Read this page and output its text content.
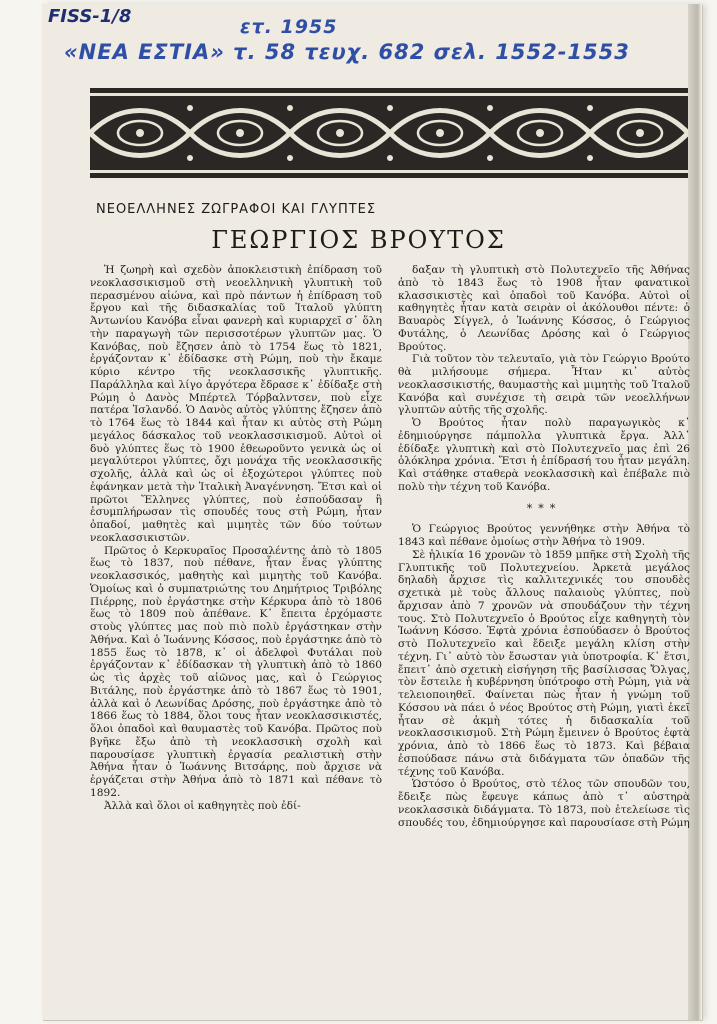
FISS-1/8	ετ. 1955
«ΝΕΑ ΕΣΤΙΑ» τ. 58 τευχ. 682 σελ. 1552-1553
ΝΕΟΕΛΛΗΝΕΣ ΖΩΓΡΑΦΟΙ ΚΑΙ ΓΛΥΠΤΕΣ
ΓΕΩΡΓΙΟΣ ΒΡΟΥΤΟΣ

Ἡ ζωηρὴ καὶ σχεδὸν ἀποκλειστικὴ ἐπίδραση τοῦ νεοκλασσικισμοῦ στὴ νεοελληνικὴ γλυπτικὴ τοῦ περασμένου αἰώνα, καὶ πρὸ πάντων ἡ ἐπίδραση τοῦ ἔργου καὶ τῆς διδασκαλίας τοῦ Ἰταλοῦ γλύπτη Ἀντωνίου Κανόβα εἶναι φανερὴ καὶ κυριαρχεῖ σ᾽ ὅλη τὴν παραγωγὴ τῶν περισσοτέρων γλυπτῶν μας. Ὁ Κανόβας, ποὺ ἔζησεν ἀπὸ τὸ 1754 ἕως τὸ 1821, ἐργάζονταν κ᾽ ἐδίδασκε στὴ Ρώμη, ποὺ τὴν ἔκαμε κύριο κέντρο τῆς νεοκλασσικῆς γλυπτικῆς. Παράλληλα καὶ λίγο ἀργότερα ἔδρασε κ᾽ ἐδίδαξε στὴ Ρώμη ὁ Δανὸς Μπέρτελ Τόρβαλντσεν, ποὺ εἶχε πατέρα Ἰσλανδό. Ὁ Δανὸς αὐτὸς γλύπτης ἔζησεν ἀπὸ τὸ 1764 ἕως τὸ 1844 καὶ ἦταν κι αὐτὸς στὴ Ρώμη μεγάλος δάσκαλος τοῦ νεοκλασσικισμοῦ. Αὐτοὶ οἱ δυὸ γλύπτες ἕως τὸ 1900 ἐθεωροῦντο γενικὰ ὡς οἱ μεγαλύτεροι γλύπτες, ὄχι μονάχα τῆς νεοκλασσικῆς σχολῆς, ἀλλὰ καὶ ὡς οἱ ἐξοχώτεροι γλύπτες ποὺ ἐφάνηκαν μετὰ τὴν Ἰταλικὴ Ἀναγέννηση. Ἔτσι καὶ οἱ πρῶτοι Ἕλληνες γλύπτες, ποὺ ἐσπούδασαν ἢ ἐσυμπλήρωσαν τὶς σπουδές τους στὴ Ρώμη, ἦταν ὀπαδοί, μαθητὲς καὶ μιμητὲς τῶν δύο τούτων νεοκλασσικιστῶν.

Πρῶτος ὁ Κερκυραῖος Προσαλέντης ἀπὸ τὸ 1805 ἕως τὸ 1837, ποὺ πέθανε, ἦταν ἕνας γλύπτης νεοκλασσικός, μαθητὴς καὶ μιμητὴς τοῦ Κανόβα. Ὁμοίως καὶ ὁ συμπατριώτης του Δημήτριος Τριβόλης Πιέρρης, ποὺ ἐργάστηκε στὴν Κέρκυρα ἀπὸ τὸ 1806 ἕως τὸ 1809 ποὺ ἀπέθανε. Κ᾽ ἔπειτα ἐρχόμαστε στοὺς γλύπτες μας ποὺ πιὸ πολὺ ἐργάστηκαν στὴν Ἀθήνα. Καὶ ὁ Ἰωάννης Κόσσος, ποὺ ἐργάστηκε ἀπὸ τὸ 1855 ἕως τὸ 1878, κ᾽ οἱ ἀδελφοὶ Φυτάλαι ποὺ ἐργάζονταν κ᾽ ἐδίδασκαν τὴ γλυπτικὴ ἀπὸ τὸ 1860 ὡς τὶς ἀρχὲς τοῦ αἰῶνος μας, καὶ ὁ Γεώργιος Βιτάλης, ποὺ ἐργάστηκε ἀπὸ τὸ 1867 ἕως τὸ 1901, ἀλλὰ καὶ ὁ Λεωνίδας Δρόσης, ποὺ ἐργάστηκε ἀπὸ τὸ 1866 ἕως τὸ 1884, ὅλοι τους ἦταν νεοκλασσικιστές, ὅλοι ὀπαδοὶ καὶ θαυμαστὲς τοῦ Κανόβα. Πρῶτος ποὺ βγῆκε ἔξω ἀπὸ τὴ νεοκλασσικὴ σχολὴ καὶ παρουσίασε γλυπτικὴ ἐργασία ρεαλιστικὴ στὴν Ἀθήνα ἦταν ὁ Ἰωάννης Βιτσάρης, ποὺ ἄρχισε νὰ ἐργάζεται στὴν Ἀθήνα ἀπὸ τὸ 1871 καὶ πέθανε τὸ 1892.

Ἀλλὰ καὶ ὅλοι οἱ καθηγητὲς ποὺ ἐδί-

δαξαν τὴ γλυπτικὴ στὸ Πολυτεχνεῖο τῆς Ἀθήνας ἀπὸ τὸ 1843 ἕως τὸ 1908 ἦταν φανατικοὶ κλασσικιστὲς καὶ ὀπαδοὶ τοῦ Κανόβα. Αὐτοὶ οἱ καθηγητὲς ἦταν κατὰ σειρὰν οἱ ἀκόλουθοι πέντε: ὁ Βαυαρὸς Σίγγελ, ὁ Ἰωάννης Κόσσος, ὁ Γεώργιος Φυτάλης, ὁ Λεωνίδας Δρόσης καὶ ὁ Γεώργιος Βρούτος.

Γιὰ τοῦτον τὸν τελευταῖο, γιὰ τὸν Γεώργιο Βρούτο θὰ μιλήσουμε σήμερα. Ἦταν κι᾽ αὐτὸς νεοκλασσικιστής, θαυμαστὴς καὶ μιμητὴς τοῦ Ἰταλοῦ Κανόβα καὶ συνέχισε τὴ σειρὰ τῶν νεοελλήνων γλυπτῶν αὐτῆς τῆς σχολῆς.

Ὁ Βρούτος ἦταν πολὺ παραγωγικὸς κ᾽ ἐδημιούργησε πάμπολλα γλυπτικὰ ἔργα. Ἀλλ᾽ ἐδίδαξε γλυπτικὴ καὶ στὸ Πολυτεχνεῖο μας ἐπὶ 26 ὁλόκληρα χρόνια. Ἔτσι ἡ ἐπίδρασή του ἦταν μεγάλη. Καὶ στάθηκε σταθερὰ νεοκλασσικὴ καὶ ἐπέβαλε πιὸ πολὺ τὴν τέχνη τοῦ Κανόβα.

***

Ὁ Γεώργιος Βρούτος γεννήθηκε στὴν Ἀθήνα τὸ 1843 καὶ πέθανε ὁμοίως στὴν Ἀθήνα τὸ 1909.

Σὲ ἡλικία 16 χρονῶν τὸ 1859 μπῆκε στὴ Σχολὴ τῆς Γλυπτικῆς τοῦ Πολυτεχνείου. Ἀρκετὰ μεγάλος δηλαδὴ ἄρχισε τὶς καλλιτεχνικές του σπουδὲς σχετικὰ μὲ τοὺς ἄλλους παλαιοὺς γλύπτες, ποὺ ἄρχισαν ἀπὸ 7 χρονῶν νὰ σπουδάζουν τὴν τέχνη τους. Στὸ Πολυτεχνεῖο ὁ Βρούτος εἶχε καθηγητὴ τὸν Ἰωάννη Κόσσο. Ἑφτὰ χρόνια ἐσπούδασεν ὁ Βρούτος στὸ Πολυτεχνεῖο καὶ ἔδειξε μεγάλη κλίση στὴν τέχνη. Γι᾽ αὐτὸ τὸν ἔσωσταν γιὰ ὑποτροφία. Κ᾽ ἔτσι, ἔπειτ᾽ ἀπὸ σχετικὴ εἰσήγηση τῆς βασίλισσας Ὄλγας, τὸν ἔστειλε ἡ κυβέρνηση ὑπότροφο στὴ Ρώμη, γιὰ νὰ τελειοποιηθεῖ. Φαίνεται πὼς ἦταν ἡ γνώμη τοῦ Κόσσου νὰ πάει ὁ νέος Βρούτος στὴ Ρώμη, γιατὶ ἐκεῖ ἦταν σὲ ἀκμὴ τότες ἡ διδασκαλία τοῦ νεοκλασσικισμοῦ. Στὴ Ρώμη ἔμεινεν ὁ Βρούτος ἑφτὰ χρόνια, ἀπὸ τὸ 1866 ἕως τὸ 1873. Καὶ βέβαια ἐσπούδασε πάνω στὰ διδάγματα τῶν ὀπαδῶν τῆς τέχνης τοῦ Κανόβα.

Ὡστόσο ὁ Βρούτος, στὸ τέλος τῶν σπουδῶν του, ἔδειξε πὼς ἔφευγε κάπως ἀπὸ τ᾽ αὐστηρὰ νεοκλασσικὰ διδάγματα. Τὸ 1873, ποὺ ἐτελείωσε τὶς σπουδές του, ἐδημιούργησε καὶ παρουσίασε στὴ Ρώμη
